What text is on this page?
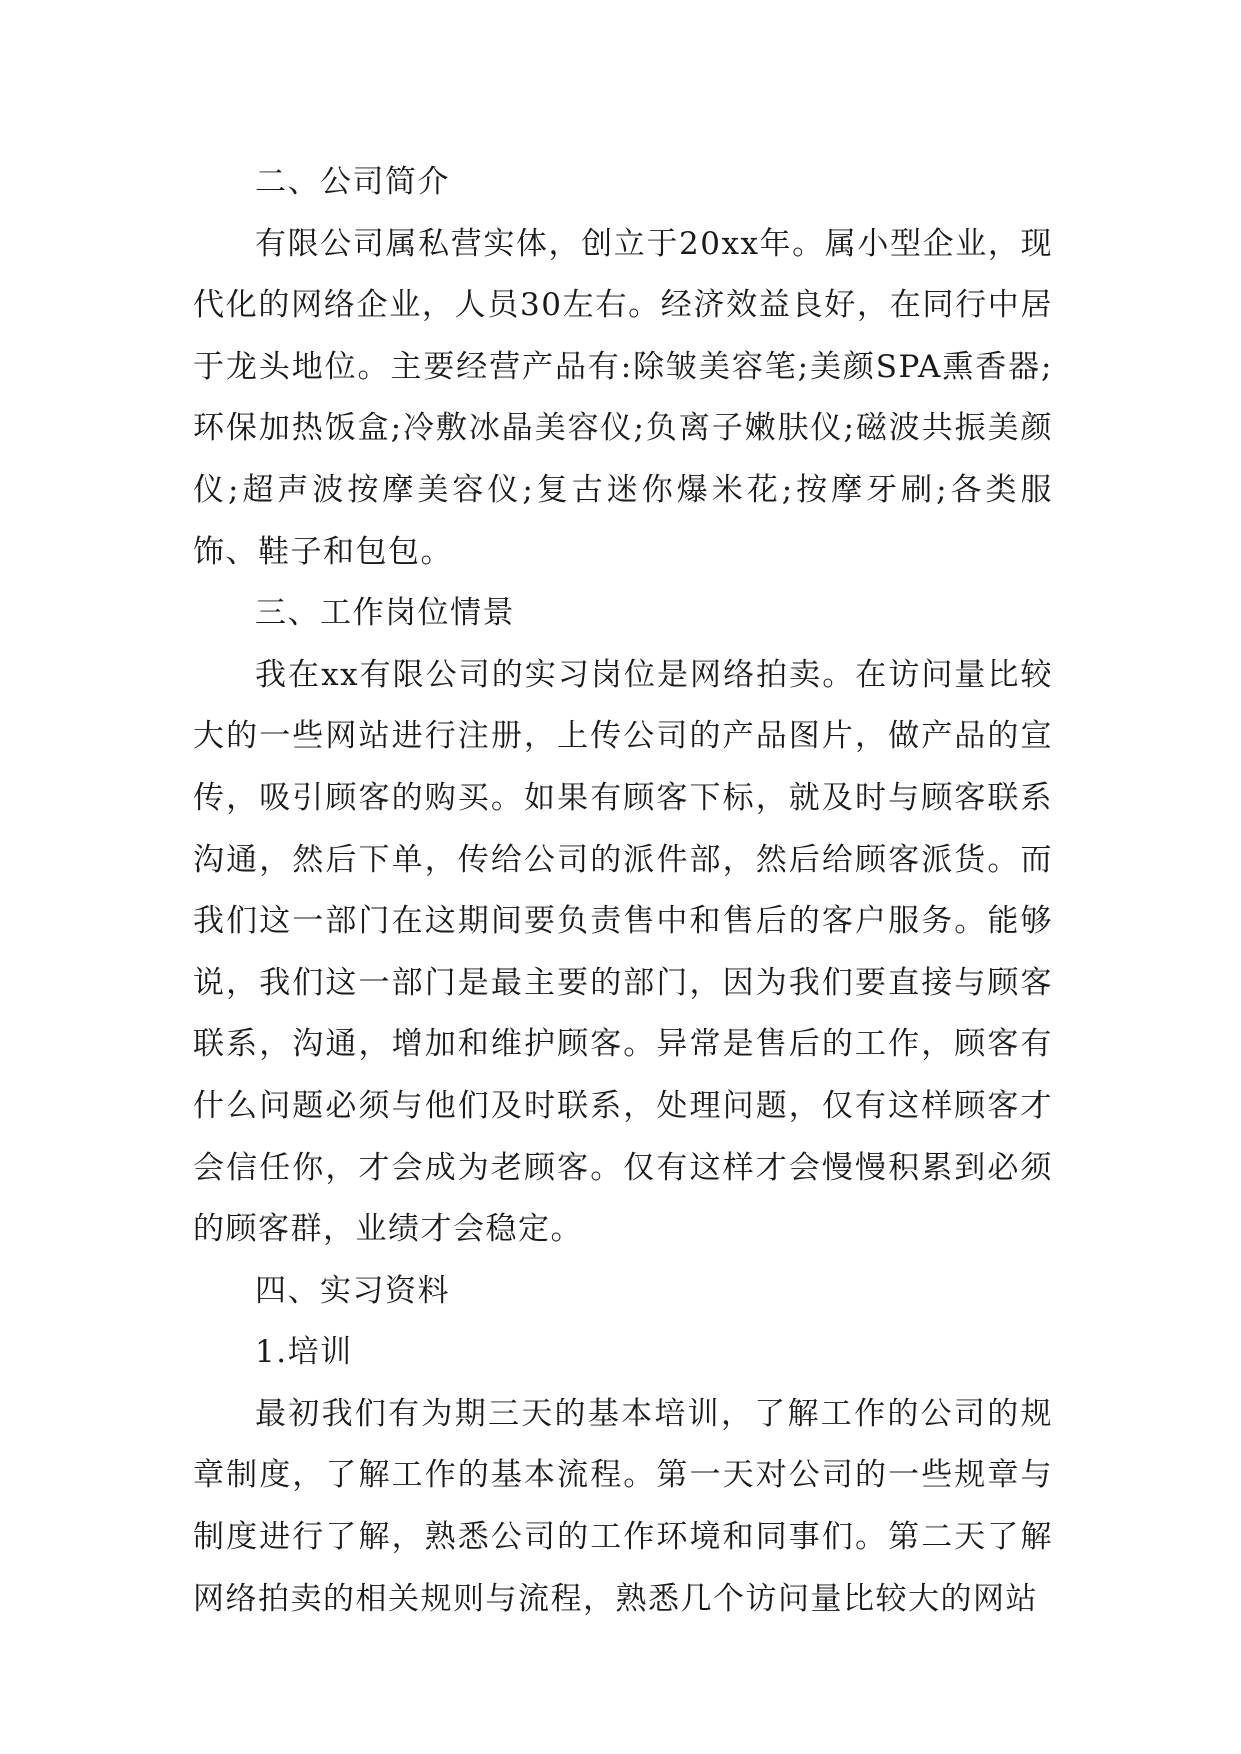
二、公司简介

有限公司属私营实体，创立于20xx年。属小型企业，现代化的网络企业，人员30左右。经济效益良好，在同行中居于龙头地位。主要经营产品有:除皱美容笔;美颜SPA熏香器;环保加热饭盒;冷敷冰晶美容仪;负离子嫩肤仪;磁波共振美颜仪;超声波按摩美容仪;复古迷你爆米花;按摩牙刷;各类服饰、鞋子和包包。

三、工作岗位情景

我在xx有限公司的实习岗位是网络拍卖。在访问量比较大的一些网站进行注册，上传公司的产品图片，做产品的宣传，吸引顾客的购买。如果有顾客下标，就及时与顾客联系沟通，然后下单，传给公司的派件部，然后给顾客派货。而我们这一部门在这期间要负责售中和售后的客户服务。能够说，我们这一部门是最主要的部门，因为我们要直接与顾客联系，沟通，增加和维护顾客。异常是售后的工作，顾客有什么问题必须与他们及时联系，处理问题，仅有这样顾客才会信任你，才会成为老顾客。仅有这样才会慢慢积累到必须的顾客群，业绩才会稳定。

四、实习资料

1.培训

最初我们有为期三天的基本培训，了解工作的公司的规章制度，了解工作的基本流程。第一天对公司的一些规章与制度进行了解，熟悉公司的工作环境和同事们。第二天了解网络拍卖的相关规则与流程，熟悉几个访问量比较大的网站
